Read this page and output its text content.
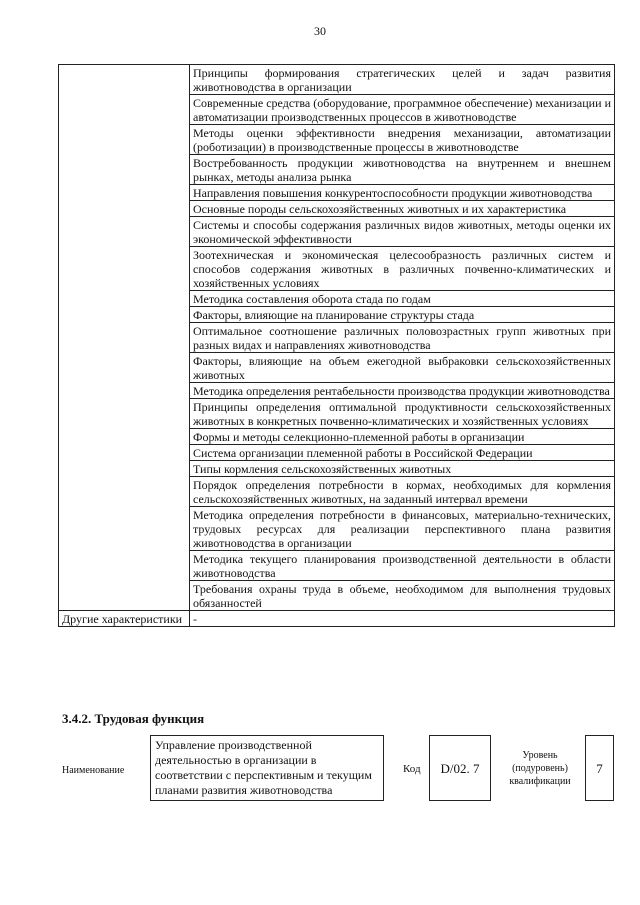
30
	Принципы формирования стратегических целей и задач развития животноводства в организации
	Современные средства (оборудование, программное обеспечение) механизации и автоматизации производственных процессов в животноводстве
	Методы оценки эффективности внедрения механизации, автоматизации (роботизации) в производственные процессы в животноводстве
	Востребованность продукции животноводства на внутреннем и внешнем рынках, методы анализа рынка
	Направления повышения конкурентоспособности продукции животноводства
	Основные породы сельскохозяйственных животных и их характеристика
	Системы и способы содержания различных видов животных, методы оценки их экономической эффективности
	Зоотехническая и экономическая целесообразность различных систем и способов содержания животных в различных почвенно-климатических и хозяйственных условиях
	Методика составления оборота стада по годам
	Факторы, влияющие на планирование структуры стада
	Оптимальное соотношение различных половозрастных групп животных при разных видах и направлениях животноводства
	Факторы, влияющие на объем ежегодной выбраковки сельскохозяйственных животных
	Методика определения рентабельности производства продукции животноводства
	Принципы определения оптимальной продуктивности сельскохозяйственных животных в конкретных почвенно-климатических и хозяйственных условиях
	Формы и методы селекционно-племенной работы в организации
	Система организации племенной работы в Российской Федерации
	Типы кормления сельскохозяйственных животных
	Порядок определения потребности в кормах, необходимых для кормления сельскохозяйственных животных, на заданный интервал времени
	Методика определения потребности в финансовых, материально-технических, трудовых ресурсах для реализации перспективного плана развития животноводства в организации
	Методика текущего планирования производственной деятельности в области животноводства
	Требования охраны труда в объеме, необходимом для выполнения трудовых обязанностей
Другие характеристики	-
3.4.2. Трудовая функция
Наименование
Управление производственной деятельностью в организации в соответствии с перспективным и текущим планами развития животноводства
Код	D/02. 7
Уровень (подуровень) квалификации
7
